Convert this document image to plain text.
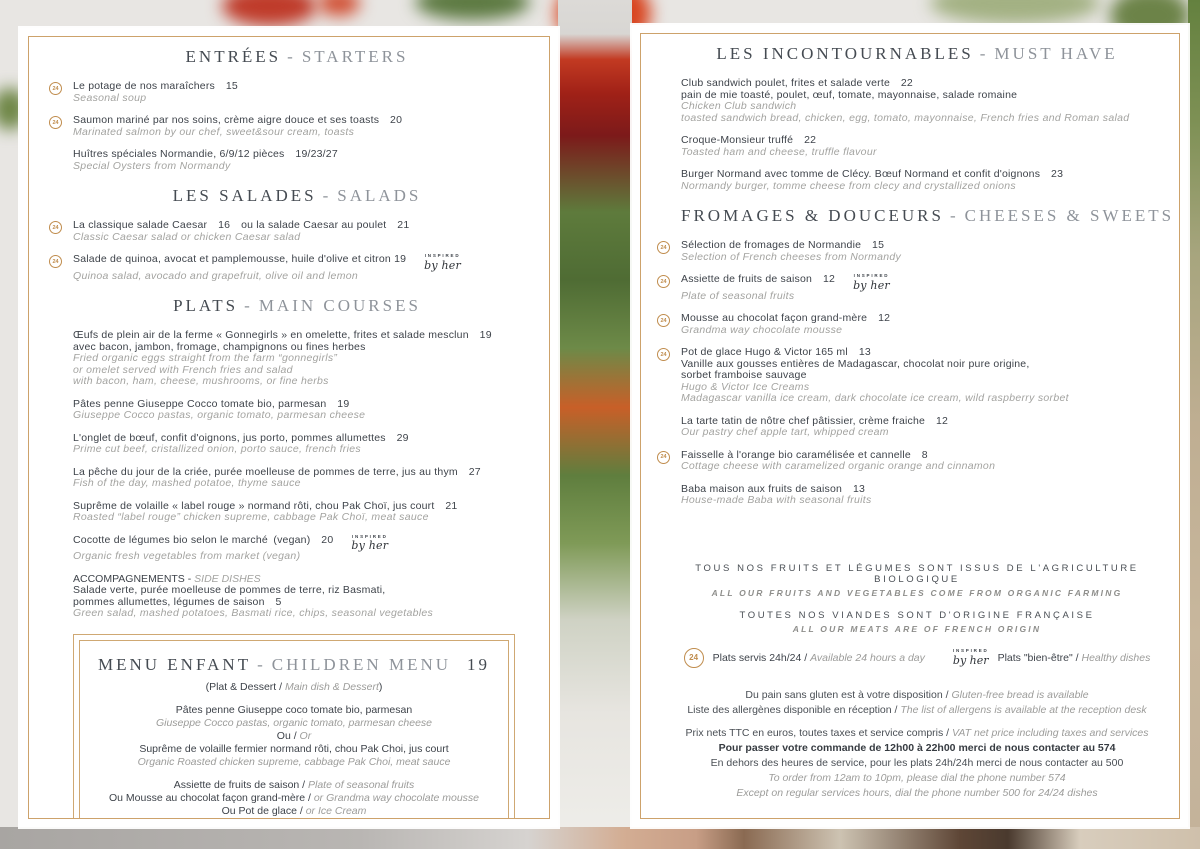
ENTRÉES - STARTERS
24	Le potage de nos maraîchers  15
Seasonal soup
24	Saumon mariné par nos soins, crème aigre douce et ses toasts  20
Marinated salmon by our chef, sweet&sour cream, toasts
Huîtres spéciales Normandie, 6/9/12 pièces  19/23/27
Special Oysters from Normandy
LES SALADES - SALADS
24	La classique salade Caesar  16  ou la salade Caesar au poulet  21
Classic Caesar salad or chicken Caesar salad
24	Salade de quinoa, avocat et pamplemousse, huile d'olive et citron 19	INSPIRED
by her
Quinoa salad, avocado and grapefruit, olive oil and lemon
PLATS - MAIN COURSES
Œufs de plein air de la ferme « Gonnegirls » en omelette, frites et salade mesclun  19
avec bacon, jambon, fromage, champignons ou fines herbes
Fried organic eggs straight from the farm “gonnegirls”
or omelet served with French fries and salad
with bacon, ham, cheese, mushrooms, or fine herbs
Pâtes penne Giuseppe Cocco tomate bio, parmesan  19
Giuseppe Cocco pastas, organic tomato, parmesan cheese
L'onglet de bœuf, confit d'oignons, jus porto, pommes allumettes  29
Prime cut beef, cristallized onion, porto sauce, french fries
La pêche du jour de la criée, purée moelleuse de pommes de terre, jus au thym  27
Fish of the day, mashed potatoe, thyme sauce
Suprême de volaille « label rouge » normand rôti, chou Pak Choï, jus court  21
Roasted “label rouge” chicken supreme, cabbage Pak Choï, meat sauce
Cocotte de légumes bio selon le marché (vegan)  20	INSPIRED
by her
Organic fresh vegetables from market (vegan)
ACCOMPAGNEMENTS - SIDE DISHES
Salade verte, purée moelleuse de pommes de terre, riz Basmati,
pommes allumettes, légumes de saison  5
Green salad, mashed potatoes, Basmati rice, chips, seasonal vegetables
MENU ENFANT - CHILDREN MENU 19
(Plat & Dessert / Main dish & Dessert)
Pâtes penne Giuseppe coco tomate bio, parmesan
Giuseppe Cocco pastas, organic tomato, parmesan cheese
Ou / Or
Suprême de volaille fermier normand rôti, chou Pak Choi, jus court
Organic Roasted chicken supreme, cabbage Pak Choi, meat sauce
Assiette de fruits de saison / Plate of seasonal fruits
Ou Mousse au chocolat façon grand-mère / or Grandma way chocolate mousse
Ou Pot de glace / or Ice Cream
LES INCONTOURNABLES - MUST HAVE
Club sandwich poulet, frites et salade verte  22
pain de mie toasté, poulet, œuf, tomate, mayonnaise, salade romaine
Chicken Club sandwich
toasted sandwich bread, chicken, egg, tomato, mayonnaise, French fries and Roman salad
Croque-Monsieur truffé  22
Toasted ham and cheese, truffle flavour
Burger Normand avec tomme de Clécy. Bœuf Normand et confit d'oignons  23
Normandy burger, tomme cheese from clecy and crystallized onions
FROMAGES & DOUCEURS - CHEESES & SWEETS
24	Sélection de fromages de Normandie  15
Selection of French cheeses from Normandy
24	Assiette de fruits de saison  12	INSPIRED
by her
Plate of seasonal fruits
24	Mousse au chocolat façon grand-mère  12
Grandma way chocolate mousse
24	Pot de glace Hugo & Victor 165 ml  13
Vanille aux gousses entières de Madagascar, chocolat noir pure origine,
sorbet framboise sauvage
Hugo & Victor Ice Creams
Madagascar vanilla ice cream, dark chocolate ice cream, wild raspberry sorbet
La tarte tatin de nôtre chef pâtissier, crème fraiche  12
Our pastry chef apple tart, whipped cream
24	Faisselle à l'orange bio caramélisée et cannelle  8
Cottage cheese with caramelized organic orange and cinnamon
Baba maison aux fruits de saison  13
House-made Baba with seasonal fruits
TOUS NOS FRUITS ET LÉGUMES SONT ISSUS DE L'AGRICULTURE BIOLOGIQUE
ALL OUR FRUITS AND VEGETABLES COME FROM ORGANIC FARMING
TOUTES NOS VIANDES SONT D'ORIGINE FRANÇAISE
ALL OUR MEATS ARE OF FRENCH ORIGIN
24	Plats servis 24h/24 / Available 24 hours a day
INSPIRED
by her Plats "bien-être" / Healthy dishes
Du pain sans gluten est à votre disposition / Gluten-free bread is available
Liste des allergènes disponible en réception / The list of allergens is available at the reception desk
Prix nets TTC en euros, toutes taxes et service compris / VAT net price including taxes and services
Pour passer votre commande de 12h00 à 22h00 merci de nous contacter au 574
En dehors des heures de service, pour les plats 24h/24h merci de nous contacter au 500
To order from 12am to 10pm, please dial the phone number 574
Except on regular services hours, dial the phone number 500 for 24/24 dishes
